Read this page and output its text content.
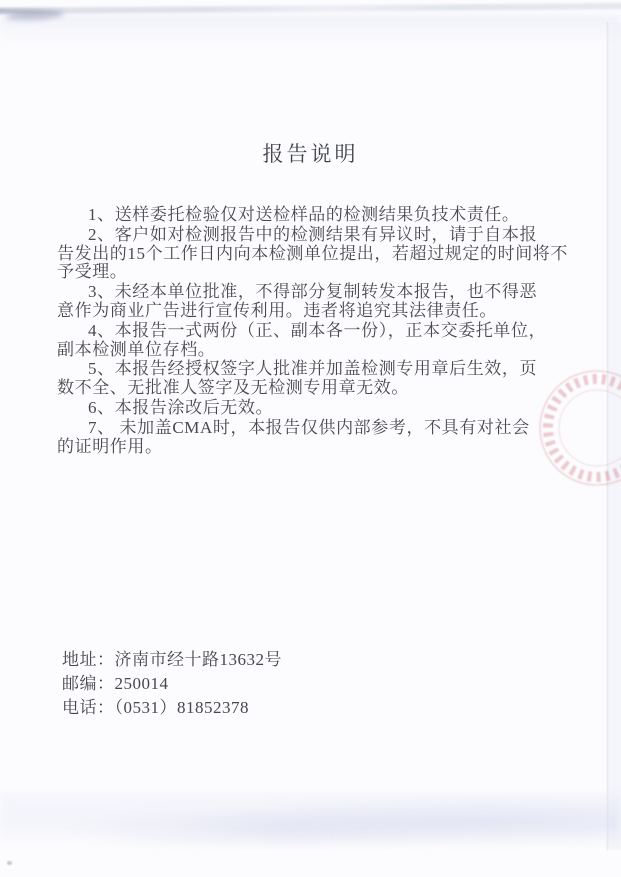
报告说明
1、送样委托检验仅对送检样品的检测结果负技术责任。
2、客户如对检测报告中的检测结果有异议时，请于自本报
告发出的15个工作日内向本检测单位提出，若超过规定的时间将不
予受理。
3、未经本单位批准，不得部分复制转发本报告，也不得恶
意作为商业广告进行宣传利用。违者将追究其法律责任。
4、本报告一式两份（正、副本各一份），正本交委托单位，
副本检测单位存档。
5、本报告经授权签字人批准并加盖检测专用章后生效，页
数不全、无批准人签字及无检测专用章无效。
6、本报告涂改后无效。
7、 未加盖CMA时，本报告仅供内部参考，不具有对社会
的证明作用。
地址：济南市经十路13632号
邮编：250014
电话：（0531）81852378
